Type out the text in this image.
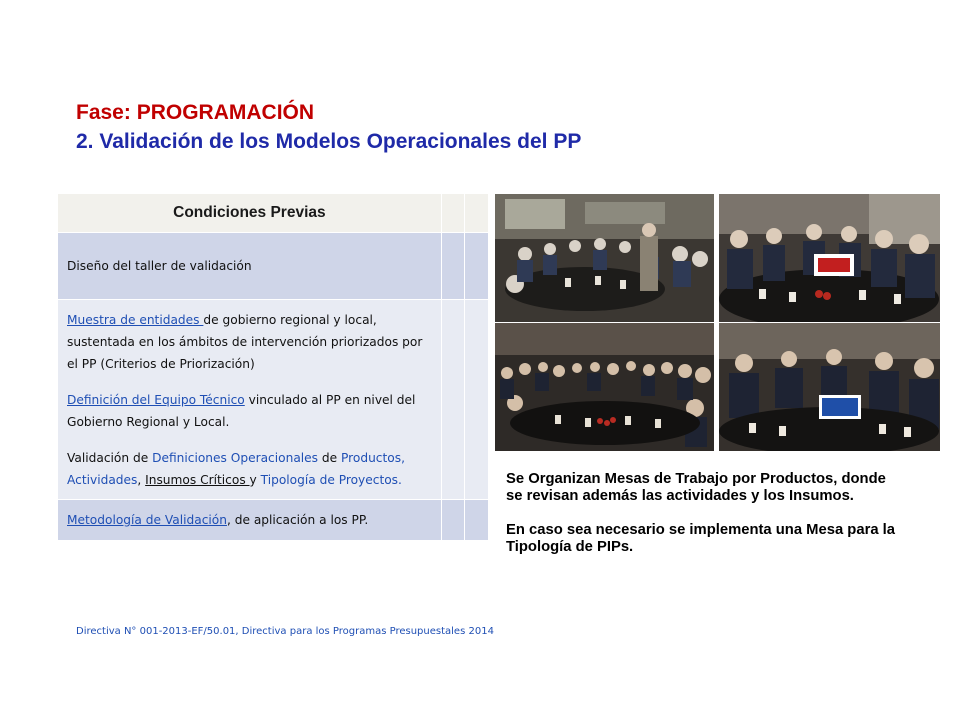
Fase: PROGRAMACIÓN
2. Validación de los Modelos Operacionales del PP
Condiciones Previas		

Diseño del taller de validación		

Muestra de entidades de gobierno regional y local, sustentada en los ámbitos de intervención priorizados por el PP (Criterios de Priorización)
Definición del Equipo Técnico vinculado al PP en nivel del Gobierno Regional y Local.
Validación de Definiciones Operacionales de Productos,
Actividades, Insumos Críticos y Tipología de Proyectos.		

Metodología de Validación, de aplicación a los PP.		

Se Organizan Mesas de Trabajo por Productos, donde se revisan además las actividades y los Insumos.

En caso sea necesario se implementa una Mesa para la Tipología de PIPs.

Directiva N° 001-2013-EF/50.01, Directiva para los Programas Presupuestales 2014
